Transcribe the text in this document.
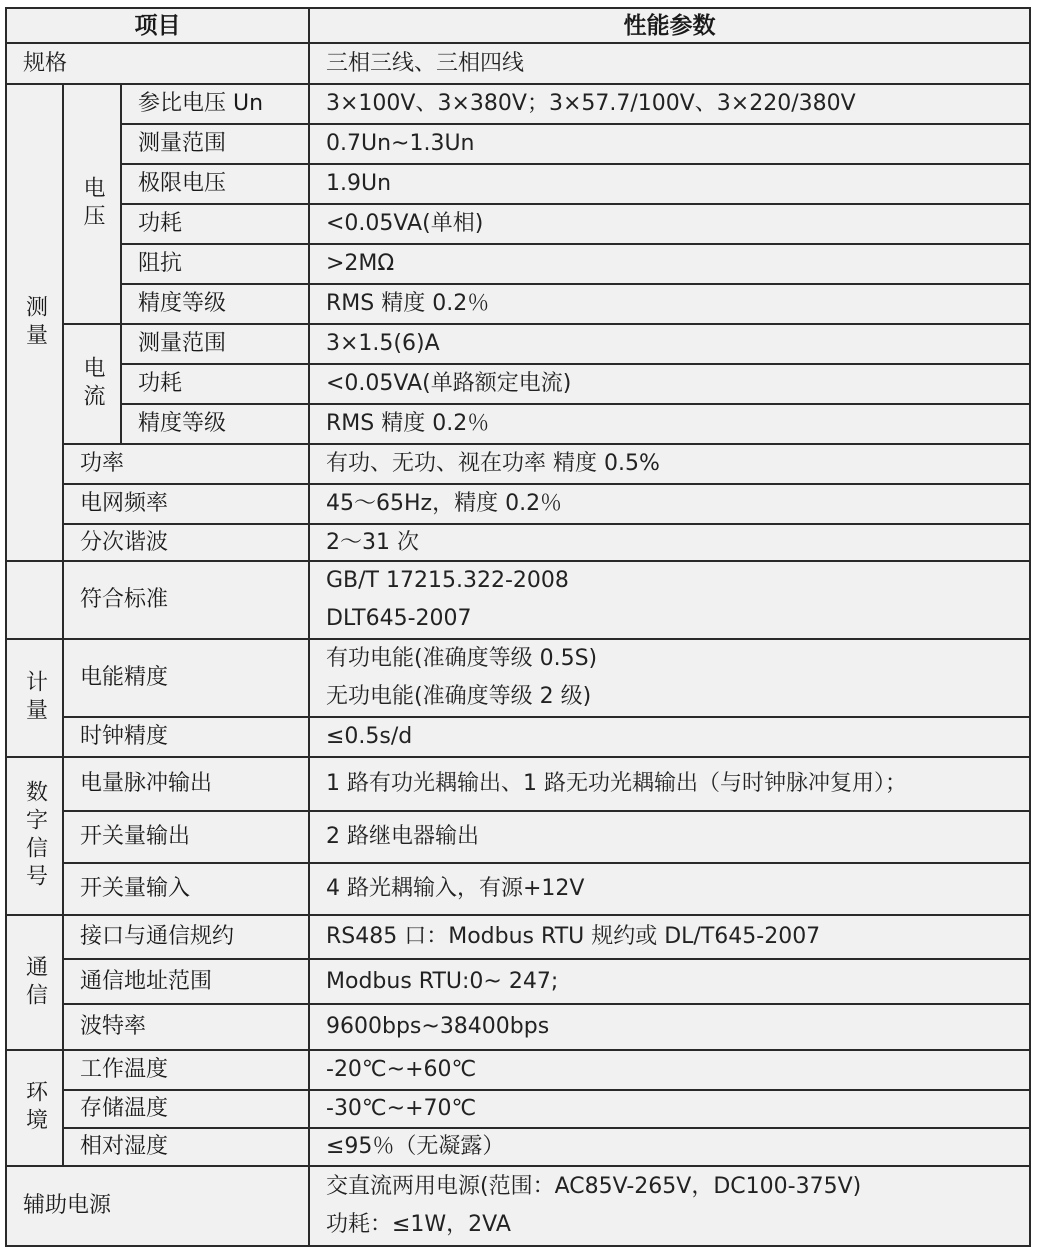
项目			性能参数
规格			三相三线、三相四线
测量	电压	参比电压 Un	3×100V、3×380V；3×57.7/100V、3×220/380V
		测量范围	0.7Un~1.3Un
		极限电压	1.9Un
		功耗	<0.05VA(单相)
		阻抗	>2MΩ
		精度等级	RMS 精度 0.2％
	电流	测量范围	3×1.5(6)A
		功耗	<0.05VA(单路额定电流)
		精度等级	RMS 精度 0.2％
	功率		有功、无功、视在功率 精度 0.5%
	电网频率		45～65Hz，精度 0.2％
	分次谐波		2～31 次
	符合标准		GB/T 17215.322-2008
DLT645-2007

计量	电能精度		有功电能(准确度等级 0.5S)
无功电能(准确度等级 2 级)

	时钟精度		≤0.5s/d
数字信号	电量脉冲输出		1 路有功光耦输出、1 路无功光耦输出（与时钟脉冲复用）；
	开关量输出		2 路继电器输出
	开关量输入		4 路光耦输入，有源+12V
通信	接口与通信规约		RS485 口：Modbus RTU 规约或 DL/T645-2007
	通信地址范围		Modbus RTU:0~ 247;
	波特率		9600bps~38400bps
环境	工作温度		-20℃~+60℃
	存储温度		-30℃~+70℃
	相对湿度		≤95％（无凝露）
辅助电源			交直流两用电源(范围：AC85V-265V，DC100-375V)
功耗：≤1W，2VA
